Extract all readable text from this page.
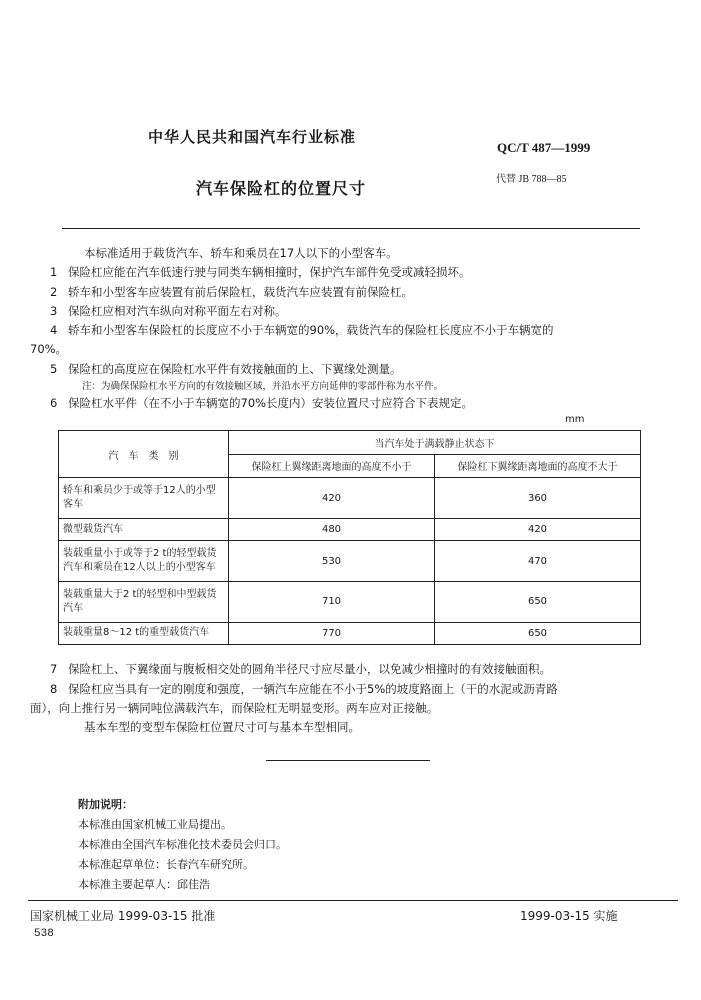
中华人民共和国汽车行业标准
QC/T 487—1999
汽车保险杠的位置尺寸	代替 JB 788—85
本标准适用于载货汽车、轿车和乘员在17人以下的小型客车。
1 保险杠应能在汽车低速行驶与同类车辆相撞时，保护汽车部件免受或减轻损坏。
2 轿车和小型客车应装置有前后保险杠，载货汽车应装置有前保险杠。
3 保险杠应相对汽车纵向对称平面左右对称。
4 轿车和小型客车保险杠的长度应不小于车辆宽的90%，载货汽车的保险杠长度应不小于车辆宽的
70%。
5 保险杠的高度应在保险杠水平件有效接触面的上、下翼缘处测量。
注：为确保保险杠水平方向的有效接触区域，并沿水平方向延伸的零部件称为水平件。
6 保险杠水平件（在不小于车辆宽的70%长度内）安装位置尺寸应符合下表规定。
mm
汽　车　类　别	当汽车处于满载静止状态下	
	保险杠上翼缘距离地面的高度不小于	保险杠下翼缘距离地面的高度不大于
轿车和乘员少于或等于12人的小型客车	420	360
微型载货汽车	480	420
装载重量小于或等于2 t的轻型载货汽车和乘员在12人以上的小型客车	530	470
装载重量大于2 t的轻型和中型载货汽车	710	650
装载重量8～12 t的重型载货汽车	770	650
7 保险杠上、下翼缘面与腹板相交处的圆角半径尺寸应尽量小，以免减少相撞时的有效接触面积。
8 保险杠应当具有一定的刚度和强度，一辆汽车应能在不小于5%的坡度路面上（干的水泥或沥青路
面），向上推行另一辆同吨位满载汽车，而保险杠无明显变形。两车应对正接触。
基本车型的变型车保险杠位置尺寸可与基本车型相同。
附加说明：
本标准由国家机械工业局提出。
本标准由全国汽车标准化技术委员会归口。
本标准起草单位：长春汽车研究所。
本标准主要起草人：邱佳浩
国家机械工业局 1999-03-15 批准	1999-03-15 实施
538
